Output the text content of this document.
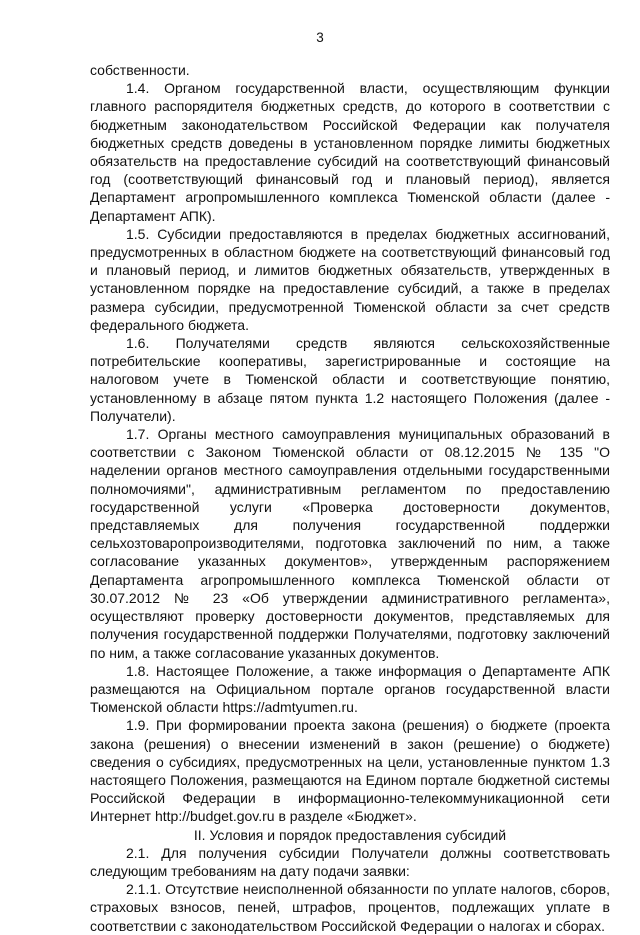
3

собственности.

1.4. Органом государственной власти, осуществляющим функции главного распорядителя бюджетных средств, до которого в соответствии с бюджетным законодательством Российской Федерации как получателя бюджетных средств доведены в установленном порядке лимиты бюджетных обязательств на предоставление субсидий на соответствующий финансовый год (соответствующий финансовый год и плановый период), является Департамент агропромышленного комплекса Тюменской области (далее - Департамент АПК).

1.5. Субсидии предоставляются в пределах бюджетных ассигнований, предусмотренных в областном бюджете на соответствующий финансовый год и плановый период, и лимитов бюджетных обязательств, утвержденных в установленном порядке на предоставление субсидий, а также в пределах размера субсидии, предусмотренной Тюменской области за счет средств федерального бюджета.

1.6. Получателями средств являются сельскохозяйственные потребительские кооперативы, зарегистрированные и состоящие на налоговом учете в Тюменской области и соответствующие понятию, установленному в абзаце пятом пункта 1.2 настоящего Положения (далее - Получатели).

1.7. Органы местного самоуправления муниципальных образований в соответствии с Законом Тюменской области от 08.12.2015 № 135 "О наделении органов местного самоуправления отдельными государственными полномочиями", административным регламентом по предоставлению государственной услуги «Проверка достоверности документов, представляемых для получения государственной поддержки сельхозтоваропроизводителями, подготовка заключений по ним, а также согласование указанных документов», утвержденным распоряжением Департамента агропромышленного комплекса Тюменской области от 30.07.2012 № 23 «Об утверждении административного регламента», осуществляют проверку достоверности документов, представляемых для получения государственной поддержки Получателями, подготовку заключений по ним, а также согласование указанных документов.

1.8. Настоящее Положение, а также информация о Департаменте АПК размещаются на Официальном портале органов государственной власти Тюменской области https://admtyumen.ru.

1.9. При формировании проекта закона (решения) о бюджете (проекта закона (решения) о внесении изменений в закон (решение) о бюджете) сведения о субсидиях, предусмотренных на цели, установленные пунктом 1.3 настоящего Положения, размещаются на Едином портале бюджетной системы Российской Федерации в информационно-телекоммуникационной сети Интернет http://budget.gov.ru в разделе «Бюджет».

II. Условия и порядок предоставления субсидий

2.1. Для получения субсидии Получатели должны соответствовать следующим требованиям на дату подачи заявки:

2.1.1. Отсутствие неисполненной обязанности по уплате налогов, сборов, страховых взносов, пеней, штрафов, процентов, подлежащих уплате в соответствии с законодательством Российской Федерации о налогах и сборах.
